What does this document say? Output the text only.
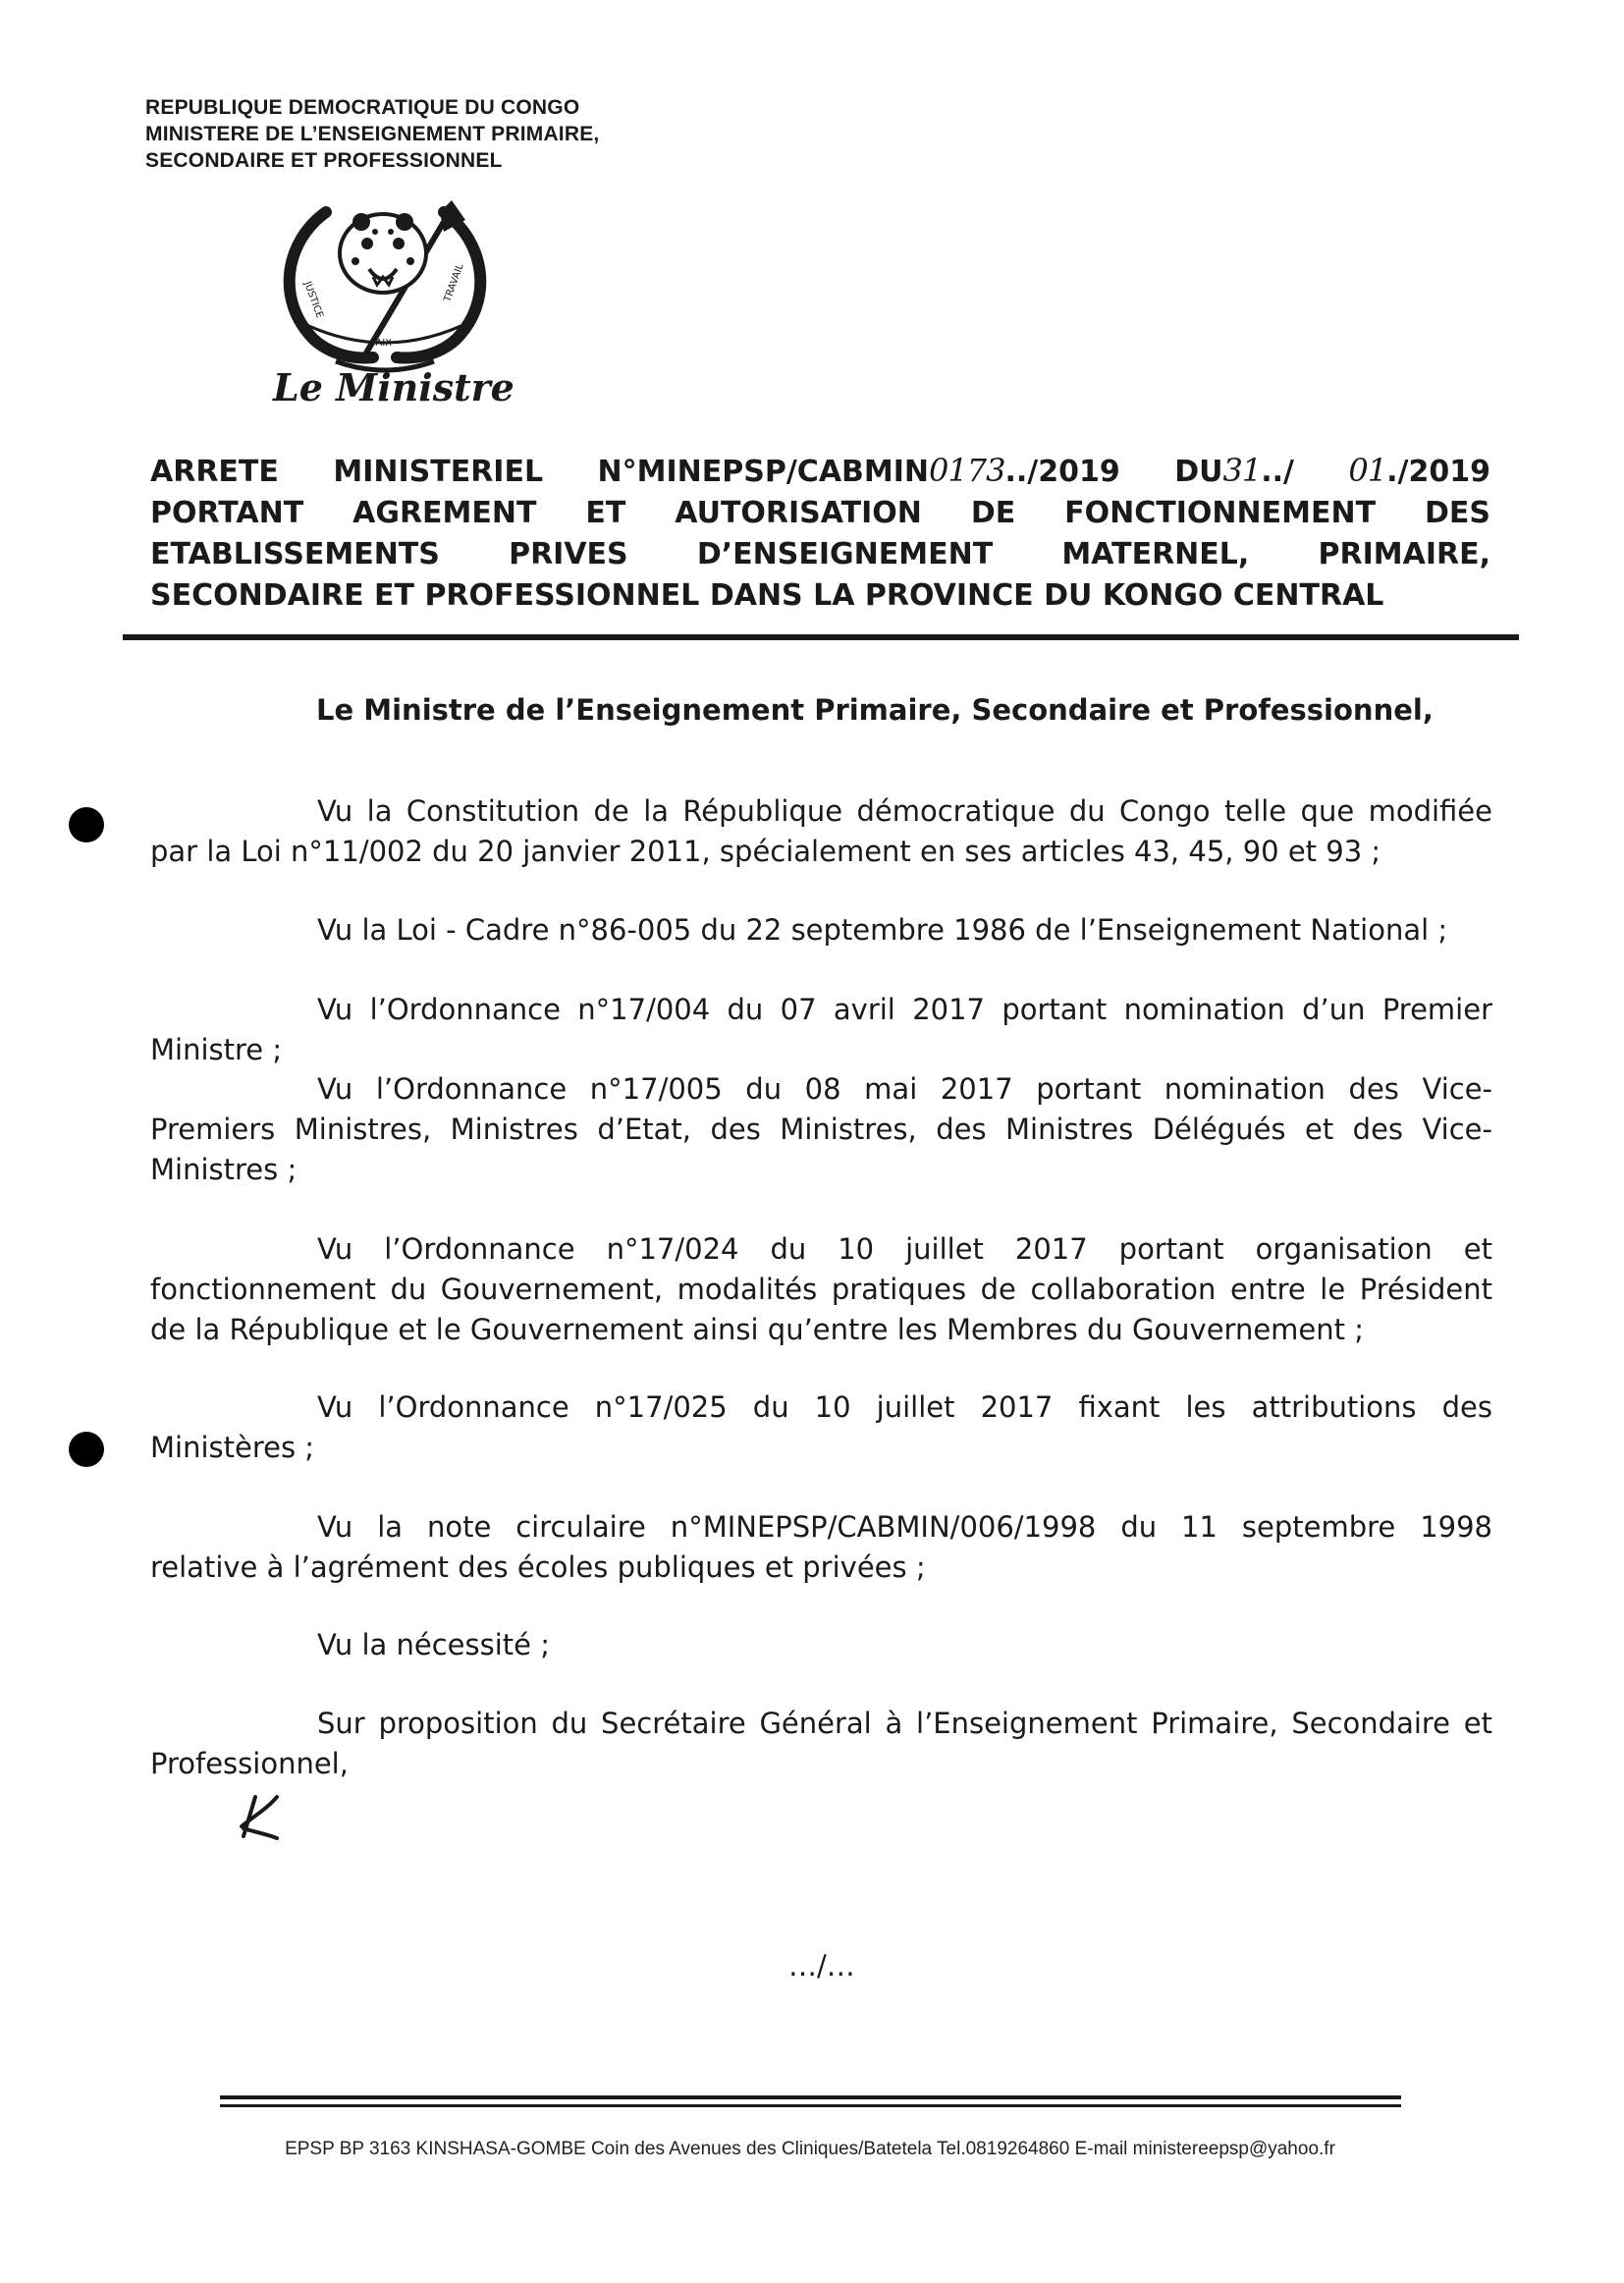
REPUBLIQUE DEMOCRATIQUE DU CONGO
MINISTERE DE L’ENSEIGNEMENT PRIMAIRE,
SECONDAIRE ET PROFESSIONNEL
JUSTICE
PAIX
TRAVAIL
Le Ministre
ARRETE MINISTERIEL N°MINEPSP/CABMIN0173../2019 DU31../ 01./2019
PORTANT AGREMENT ET AUTORISATION DE FONCTIONNEMENT DES
ETABLISSEMENTS PRIVES D’ENSEIGNEMENT MATERNEL, PRIMAIRE,
SECONDAIRE ET PROFESSIONNEL DANS LA PROVINCE DU KONGO CENTRAL
Le Ministre de l’Enseignement Primaire, Secondaire et Professionnel,
Vu la Constitution de la République démocratique du Congo telle que modifiée
par la Loi n°11/002 du 20 janvier 2011, spécialement en ses articles 43, 45, 90 et 93 ;
Vu la Loi - Cadre n°86-005 du 22 septembre 1986 de l’Enseignement National ;
Vu l’Ordonnance n°17/004 du 07 avril 2017 portant nomination d’un Premier
Ministre ;
Vu l’Ordonnance n°17/005 du 08 mai 2017 portant nomination des Vice-
Premiers Ministres, Ministres d’Etat, des Ministres, des Ministres Délégués et des Vice-
Ministres ;
Vu l’Ordonnance n°17/024 du 10 juillet 2017 portant organisation et
fonctionnement du Gouvernement, modalités pratiques de collaboration entre le Président
de la République et le Gouvernement ainsi qu’entre les Membres du Gouvernement ;
Vu l’Ordonnance n°17/025 du 10 juillet 2017 fixant les attributions des
Ministères ;
Vu la note circulaire n°MINEPSP/CABMIN/006/1998 du 11 septembre 1998
relative à l’agrément des écoles publiques et privées ;
Vu la nécessité ;
Sur proposition du Secrétaire Général à l’Enseignement Primaire, Secondaire et
Professionnel,
…/…
EPSP BP 3163 KINSHASA-GOMBE Coin des Avenues des Cliniques/Batetela Tel.0819264860 E-mail ministereepsp@yahoo.fr
